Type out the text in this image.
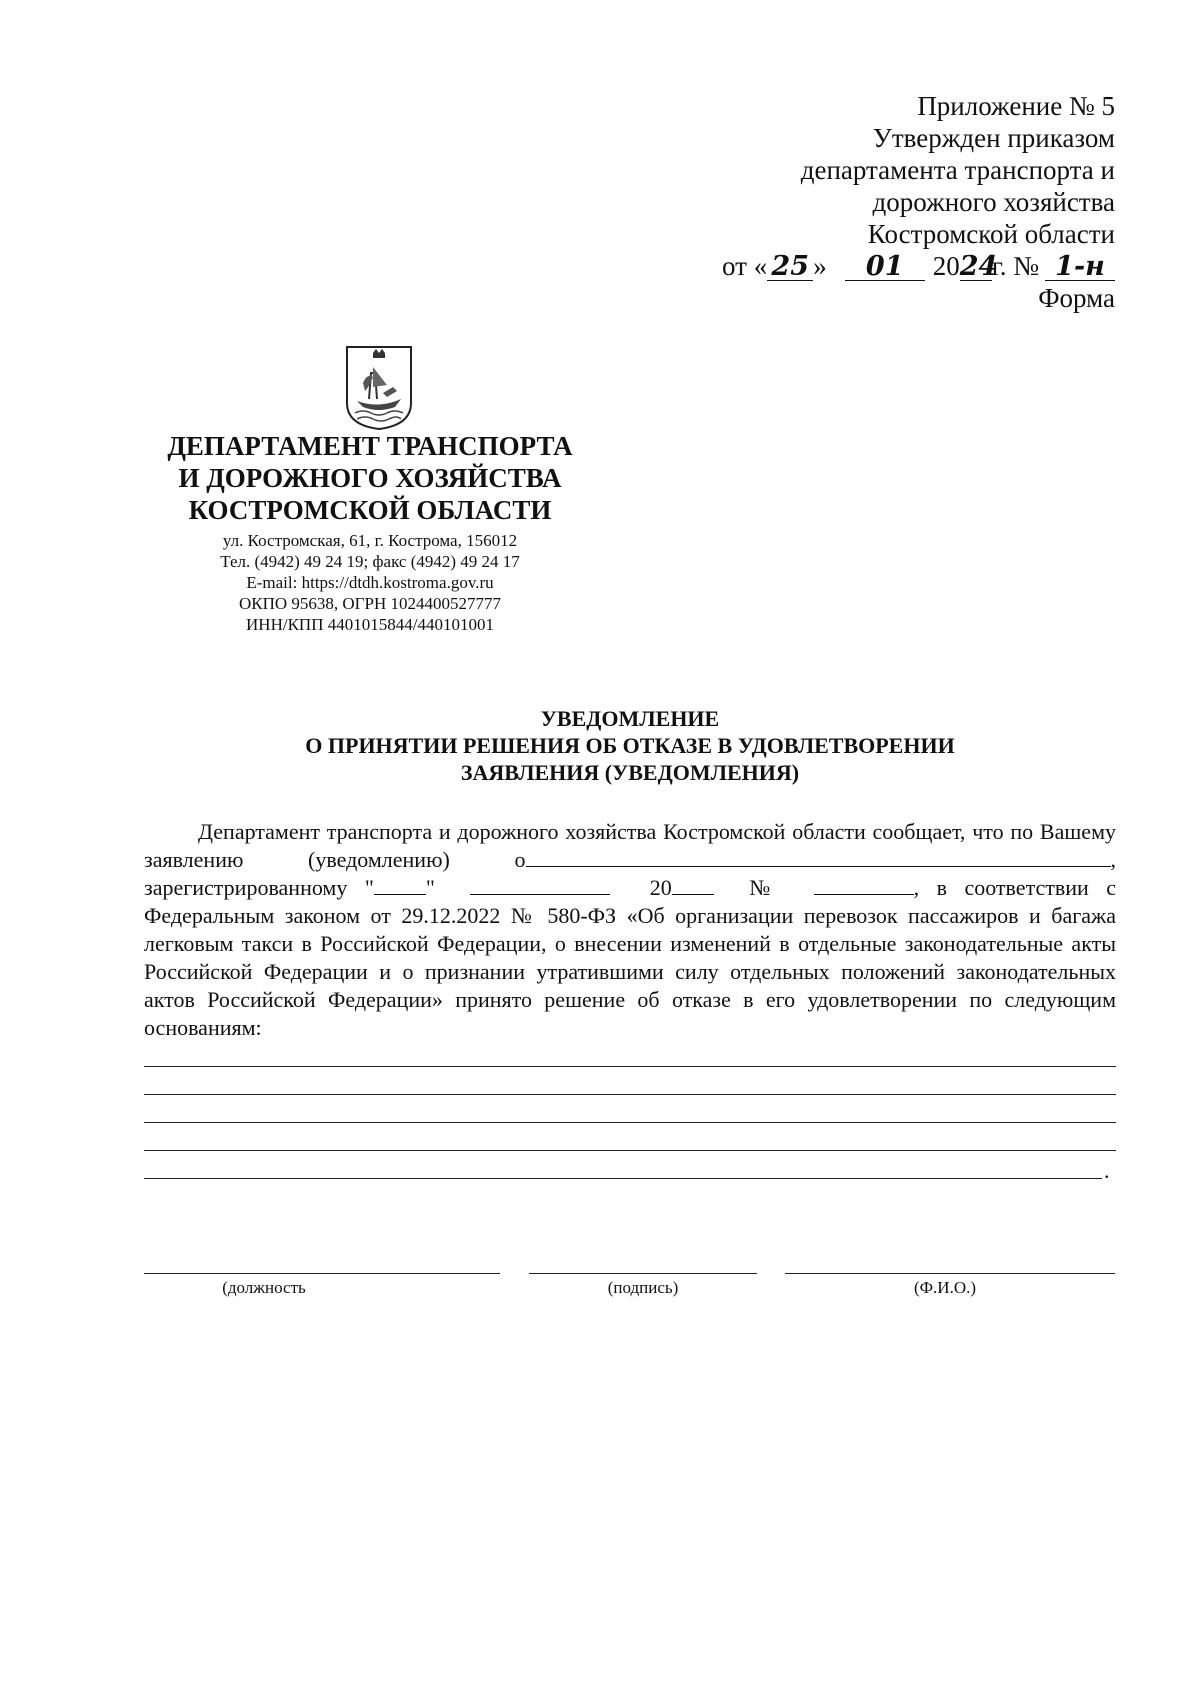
Приложение № 5
Утвержден приказом
департамента транспорта и
дорожного хозяйства
Костромской области
от « 25 »	01	20 24
г. № 1-н
Форма
ДЕПАРТАМЕНТ ТРАНСПОРТА
И ДОРОЖНОГО ХОЗЯЙСТВА
КОСТРОМСКОЙ ОБЛАСТИ
ул. Костромская, 61, г. Кострома, 156012
Тел. (4942) 49 24 19; факс (4942) 49 24 17
E-mail: https://dtdh.kostroma.gov.ru
ОКПО 95638, ОГРН 1024400527777
ИНН/КПП 4401015844/440101001
УВЕДОМЛЕНИЕ
О ПРИНЯТИИ РЕШЕНИЯ ОБ ОТКАЗЕ В УДОВЛЕТВОРЕНИИ
ЗАЯВЛЕНИЯ (УВЕДОМЛЕНИЯ)

Департамент транспорта и дорожного хозяйства Костромской области сообщает, что по Вашему заявлению (уведомлению) о	, зарегистрированному " "	20	№	, в соответствии с Федеральным законом от 29.12.2022 № 580-ФЗ «Об организации перевозок пассажиров и багажа легковым такси в Российской Федерации, о внесении изменений в отдельные законодательные акты Российской Федерации и о признании утратившими силу отдельных положений законодательных актов Российской Федерации» принято решение об отказе в его удовлетворении по следующим основаниям:

.
(должность	(подпись)	(Ф.И.О.)
